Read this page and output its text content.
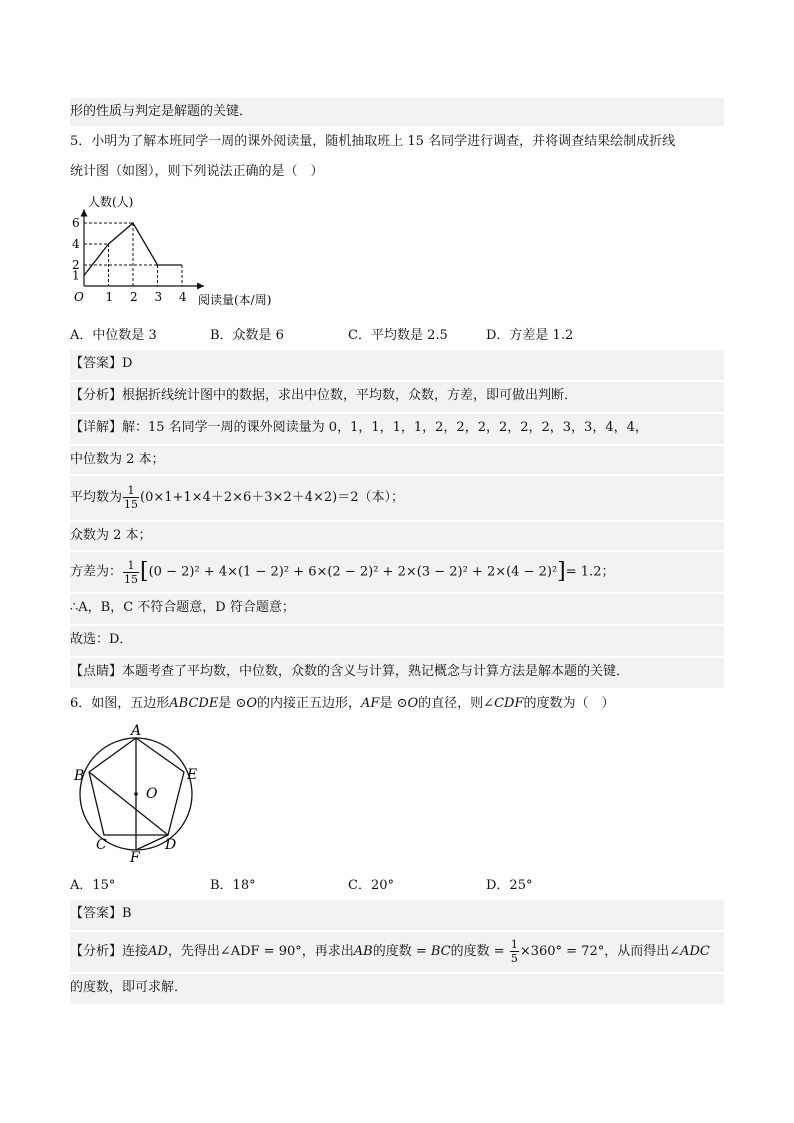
形的性质与判定是解题的关键．
5．小明为了解本班同学一周的课外阅读量，随机抽取班上 15 名同学进行调查，并将调查结果绘制成折线
统计图（如图），则下列说法正确的是（　）
1 2 3 4
1
2
4
6
O
人数(人)
阅读量(本/周)
A．中位数是 3	B．众数是 6	C．平均数是 2.5	D．方差是 1.2
【答案】D
【分析】根据折线统计图中的数据，求出中位数，平均数，众数，方差，即可做出判断．
【详解】解：15 名同学一周的课外阅读量为 0，1，1，1，1，2，2，2，2，2，2，3，3，4，4，
中位数为 2 本；
平均数为 $\frac{1}{15} (0\times 1+1\times 4+2\times 6+3\times 2+4\times 2)=2$（本）；
众数为 2 本；
方差为： $\frac{1}{15} [(0 - 2)^2 + 4\times(1 - 2)^2 + 6\times(2 - 2)^2 + 2\times(3 - 2)^2 + 2\times(4 - 2)^2]= 1.2$；
∴A，B，C 不符合题意，D 符合题意；
故选：D．
【点睛】本题考查了平均数，中位数，众数的含义与计算，熟记概念与计算方法是解本题的关键．
6．如图，五边形ABCDE是 ⊙O的内接正五边形，AF是 ⊙O的直径，则∠CDF的度数为（　）
A
B
C	D
E
F
O
A．15°	B．18°	C．20°	D．25°
【答案】B
【分析】连接AD，先得出∠ADF = 90°，再求出AB的度数 = BC的度数 = $\frac{1}{5} \times 360^\circ = 72^\circ$，从而得出∠ADC
的度数，即可求解．
